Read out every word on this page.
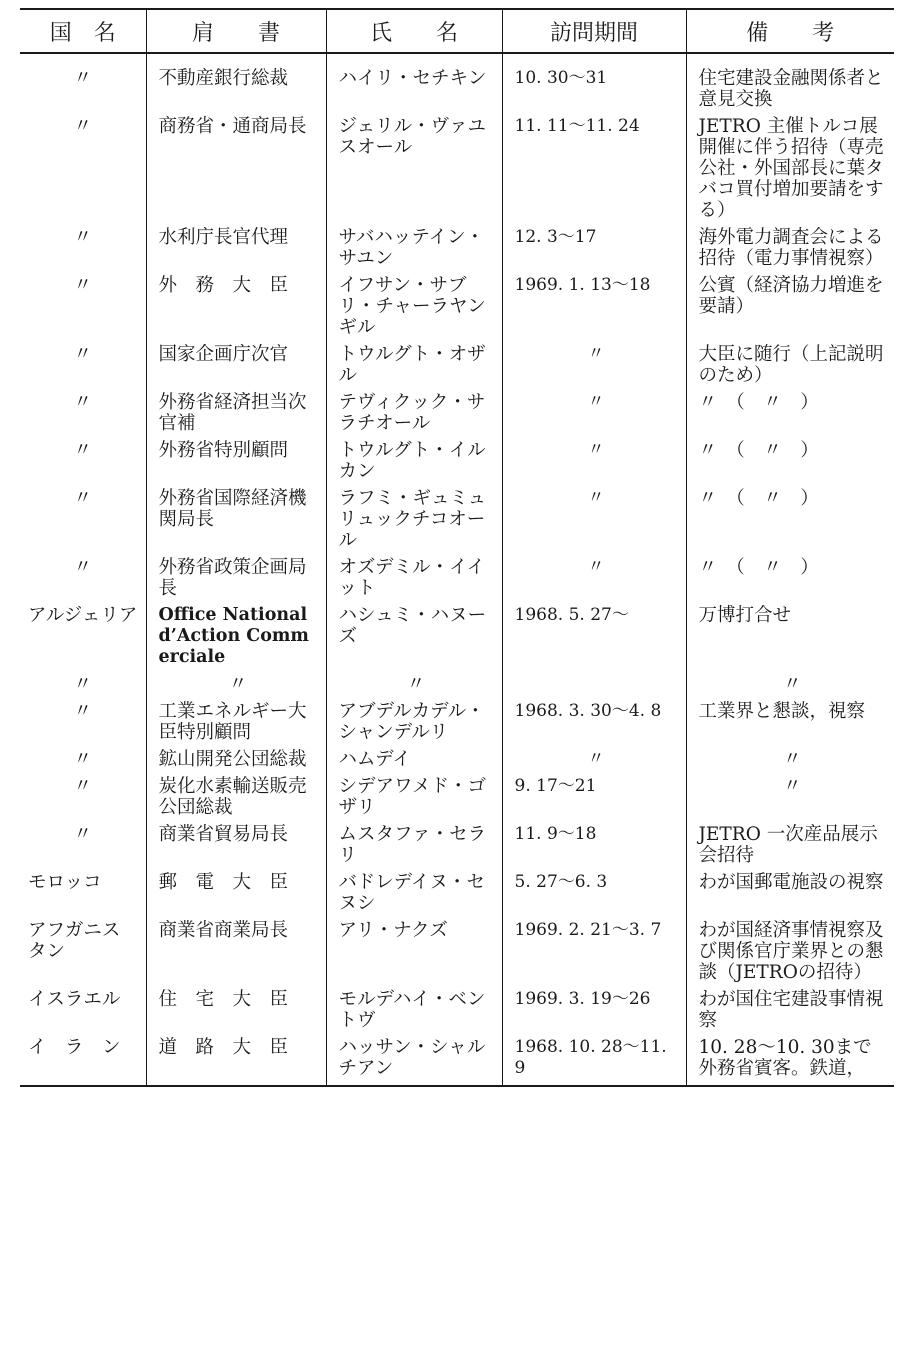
国　名	肩　　書	氏　　名	訪問期間	備　　考
〃	不動産銀行総裁	ハイリ・セチキン	10. 30～31	住宅建設金融関係者と意見交換
〃	商務省・通商局長	ジェリル・ヴァユスオール	11. 11～11. 24	JETRO 主催トルコ展開催に伴う招待（専売公社・外国部長に葉タバコ買付増加要請をする）
〃	水利庁長官代理	サバハッテイン・サユン	12. 3～17	海外電力調査会による招待（電力事情視察）
〃	外　務　大　臣	イフサン・サブリ・チャーラヤンギル	1969. 1. 13～18	公賓（経済協力増進を要請）
〃	国家企画庁次官	トウルグト・オザル	〃	大臣に随行（上記説明のため）
〃	外務省経済担当次官補	テヴィクック・サラチオール	〃	〃　（　〃　）
〃	外務省特別顧問	トウルグト・イルカン	〃	〃　（　〃　）
〃	外務省国際経済機関局長	ラフミ・ギュミュリュックチコオール	〃	〃　（　〃　）
〃	外務省政策企画局長	オズデミル・イイット	〃	〃　（　〃　）
アルジェリア	Office National d’Action Commerciale	ハシュミ・ハヌーズ	1968. 5. 27～	万博打合せ
〃	〃	〃		〃
〃	工業エネルギー大臣特別顧問	アブデルカデル・シャンデルリ	1968. 3. 30～4. 8	工業界と懇談，視察
〃	鉱山開発公団総裁	ハムデイ	〃	〃
〃	炭化水素輸送販売公団総裁	シデアワメド・ゴザリ	9. 17～21	〃
〃	商業省貿易局長	ムスタファ・セラリ	11. 9～18	JETRO 一次産品展示会招待
モロッコ	郵　電　大　臣	バドレデイヌ・セヌシ	5. 27～6. 3	わが国郵電施設の視察
アフガニスタン	商業省商業局長	アリ・ナクズ	1969. 2. 21～3. 7	わが国経済事情視察及び関係官庁業界との懇談（JETROの招待）
イスラエル	住　宅　大　臣	モルデハイ・ベントヴ	1969. 3. 19～26	わが国住宅建設事情視察
イ　ラ　ン	道　路　大　臣	ハッサン・シャルチアン	1968. 10. 28～11. 9	10. 28～10. 30まで外務省賓客。鉄道，
